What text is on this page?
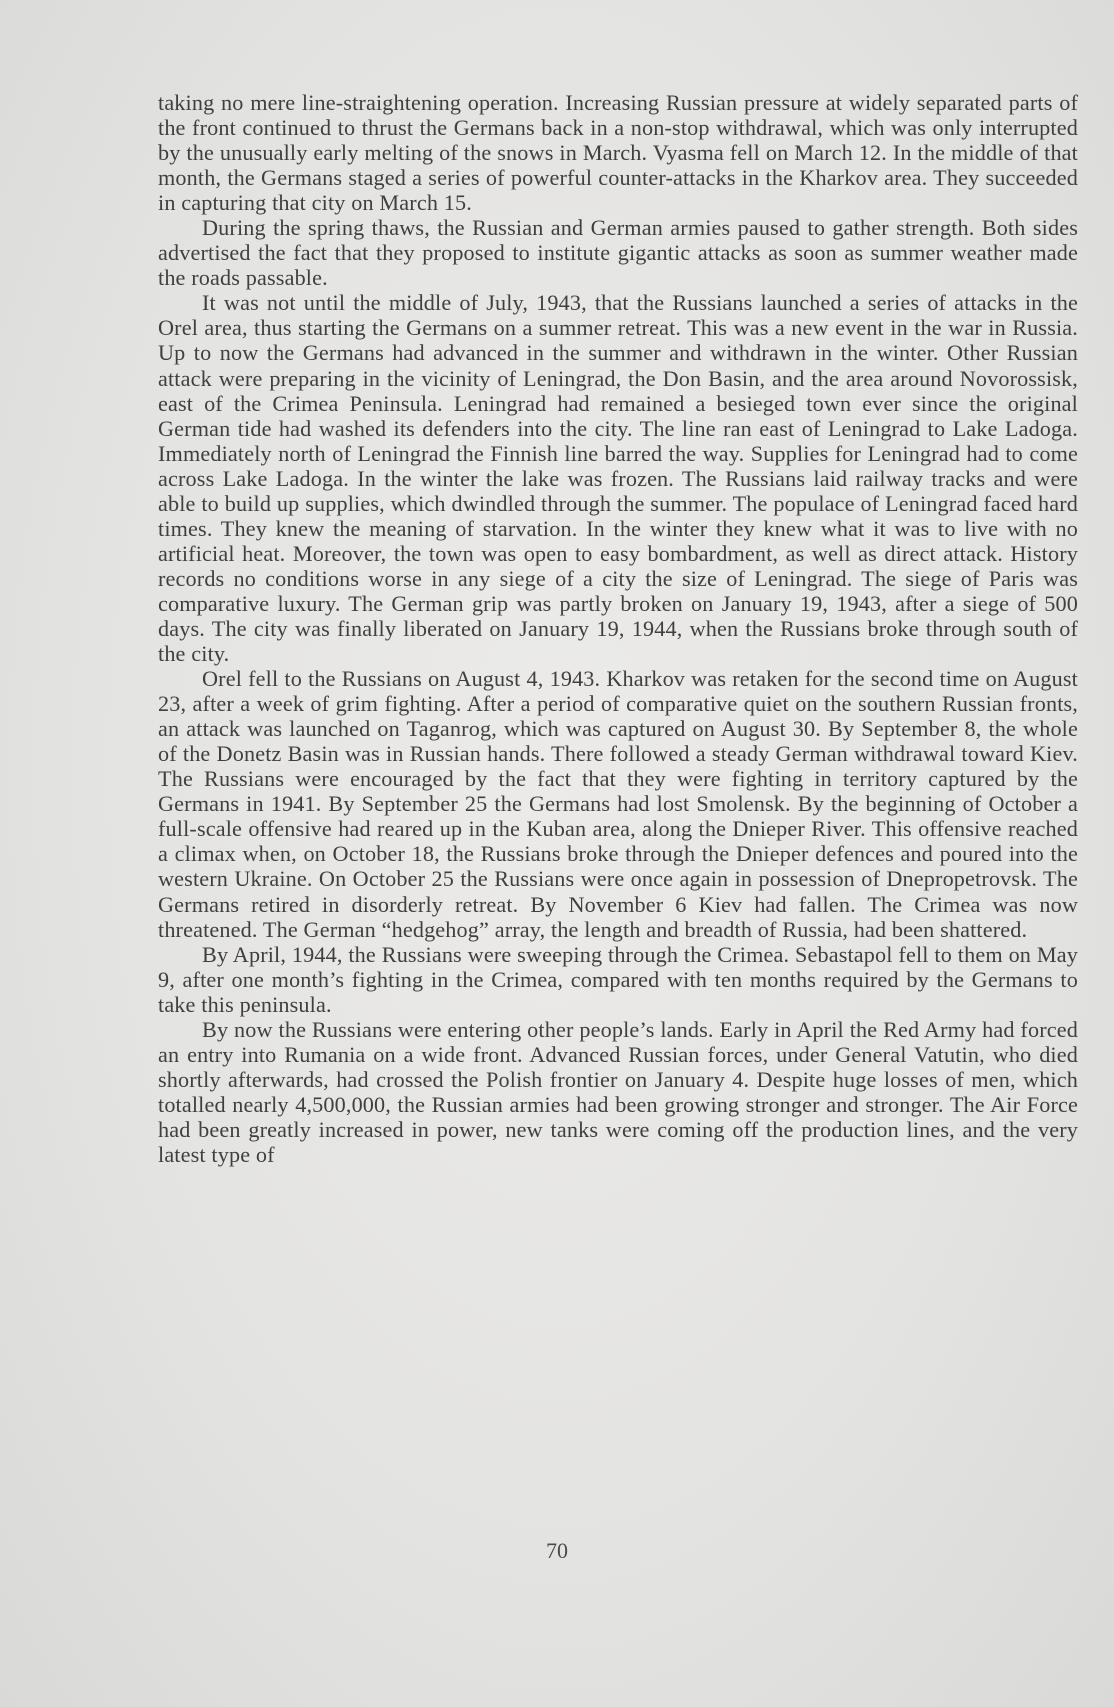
taking no mere line-straightening operation. Increasing Russian pressure at widely separated parts of the front continued to thrust the Germans back in a non-stop withdrawal, which was only interrupted by the unusually early melting of the snows in March. Vyasma fell on March 12. In the middle of that month, the Germans staged a series of powerful counter-attacks in the Kharkov area. They succeeded in capturing that city on March 15.

During the spring thaws, the Russian and German armies paused to gather strength. Both sides advertised the fact that they proposed to institute gigantic attacks as soon as summer weather made the roads passable.

It was not until the middle of July, 1943, that the Russians launched a series of attacks in the Orel area, thus starting the Germans on a summer retreat. This was a new event in the war in Russia. Up to now the Germans had advanced in the summer and withdrawn in the winter. Other Russian attack were preparing in the vicinity of Leningrad, the Don Basin, and the area around Novorossisk, east of the Crimea Peninsula. Leningrad had remained a besieged town ever since the original German tide had washed its defenders into the city. The line ran east of Leningrad to Lake Ladoga. Immediately north of Leningrad the Finnish line barred the way. Supplies for Leningrad had to come across Lake Ladoga. In the winter the lake was frozen. The Russians laid railway tracks and were able to build up supplies, which dwindled through the summer. The populace of Leningrad faced hard times. They knew the meaning of starvation. In the winter they knew what it was to live with no artificial heat. Moreover, the town was open to easy bombardment, as well as direct attack. History records no conditions worse in any siege of a city the size of Leningrad. The siege of Paris was comparative luxury. The German grip was partly broken on January 19, 1943, after a siege of 500 days. The city was finally liberated on January 19, 1944, when the Russians broke through south of the city.

Orel fell to the Russians on August 4, 1943. Kharkov was retaken for the second time on August 23, after a week of grim fighting. After a period of comparative quiet on the southern Russian fronts, an attack was launched on Taganrog, which was captured on August 30. By September 8, the whole of the Donetz Basin was in Russian hands. There followed a steady German withdrawal toward Kiev. The Russians were encouraged by the fact that they were fighting in territory captured by the Germans in 1941. By September 25 the Germans had lost Smolensk. By the beginning of October a full-scale offensive had reared up in the Kuban area, along the Dnieper River. This offensive reached a climax when, on October 18, the Russians broke through the Dnieper defences and poured into the western Ukraine. On October 25 the Russians were once again in possession of Dnepropetrovsk. The Germans retired in disorderly retreat. By November 6 Kiev had fallen. The Crimea was now threatened. The German “hedgehog” array, the length and breadth of Russia, had been shattered.

By April, 1944, the Russians were sweeping through the Crimea. Sebastapol fell to them on May 9, after one month’s fighting in the Crimea, compared with ten months required by the Germans to take this peninsula.

By now the Russians were entering other people’s lands. Early in April the Red Army had forced an entry into Rumania on a wide front. Advanced Russian forces, under General Vatutin, who died shortly afterwards, had crossed the Polish frontier on January 4. Despite huge losses of men, which totalled nearly 4,500,000, the Russian armies had been growing stronger and stronger. The Air Force had been greatly increased in power, new tanks were coming off the production lines, and the very latest type of

70
